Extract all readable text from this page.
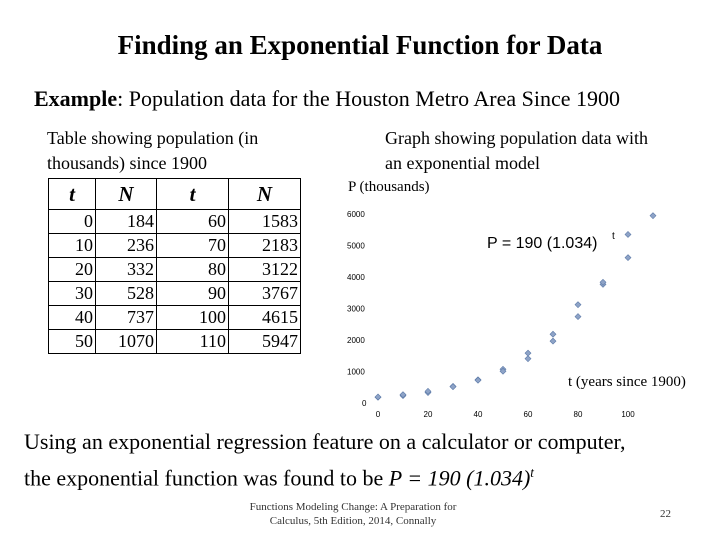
Finding an Exponential Function for Data
Example: Population data for the Houston Metro Area Since 1900
Table showing population (in thousands) since 1900
Graph showing population data with an exponential model
t	N	t	N
0	184	60	1583
10	236	70	2183
20	332	80	3122
30	528	90	3767
40	737	100	4615
50	1070	110	5947
P (thousands)
0
1000
2000
3000
4000
5000
6000
0	20	40	60	80	100
t (years since 1900)
P = 190 (1.034) t
Using an exponential regression feature on a calculator or computer,
the exponential function was found to be P = 190 $(1.034)^t$
Functions Modeling Change: A Preparation for Calculus, 5th Edition, 2014, Connally
22
